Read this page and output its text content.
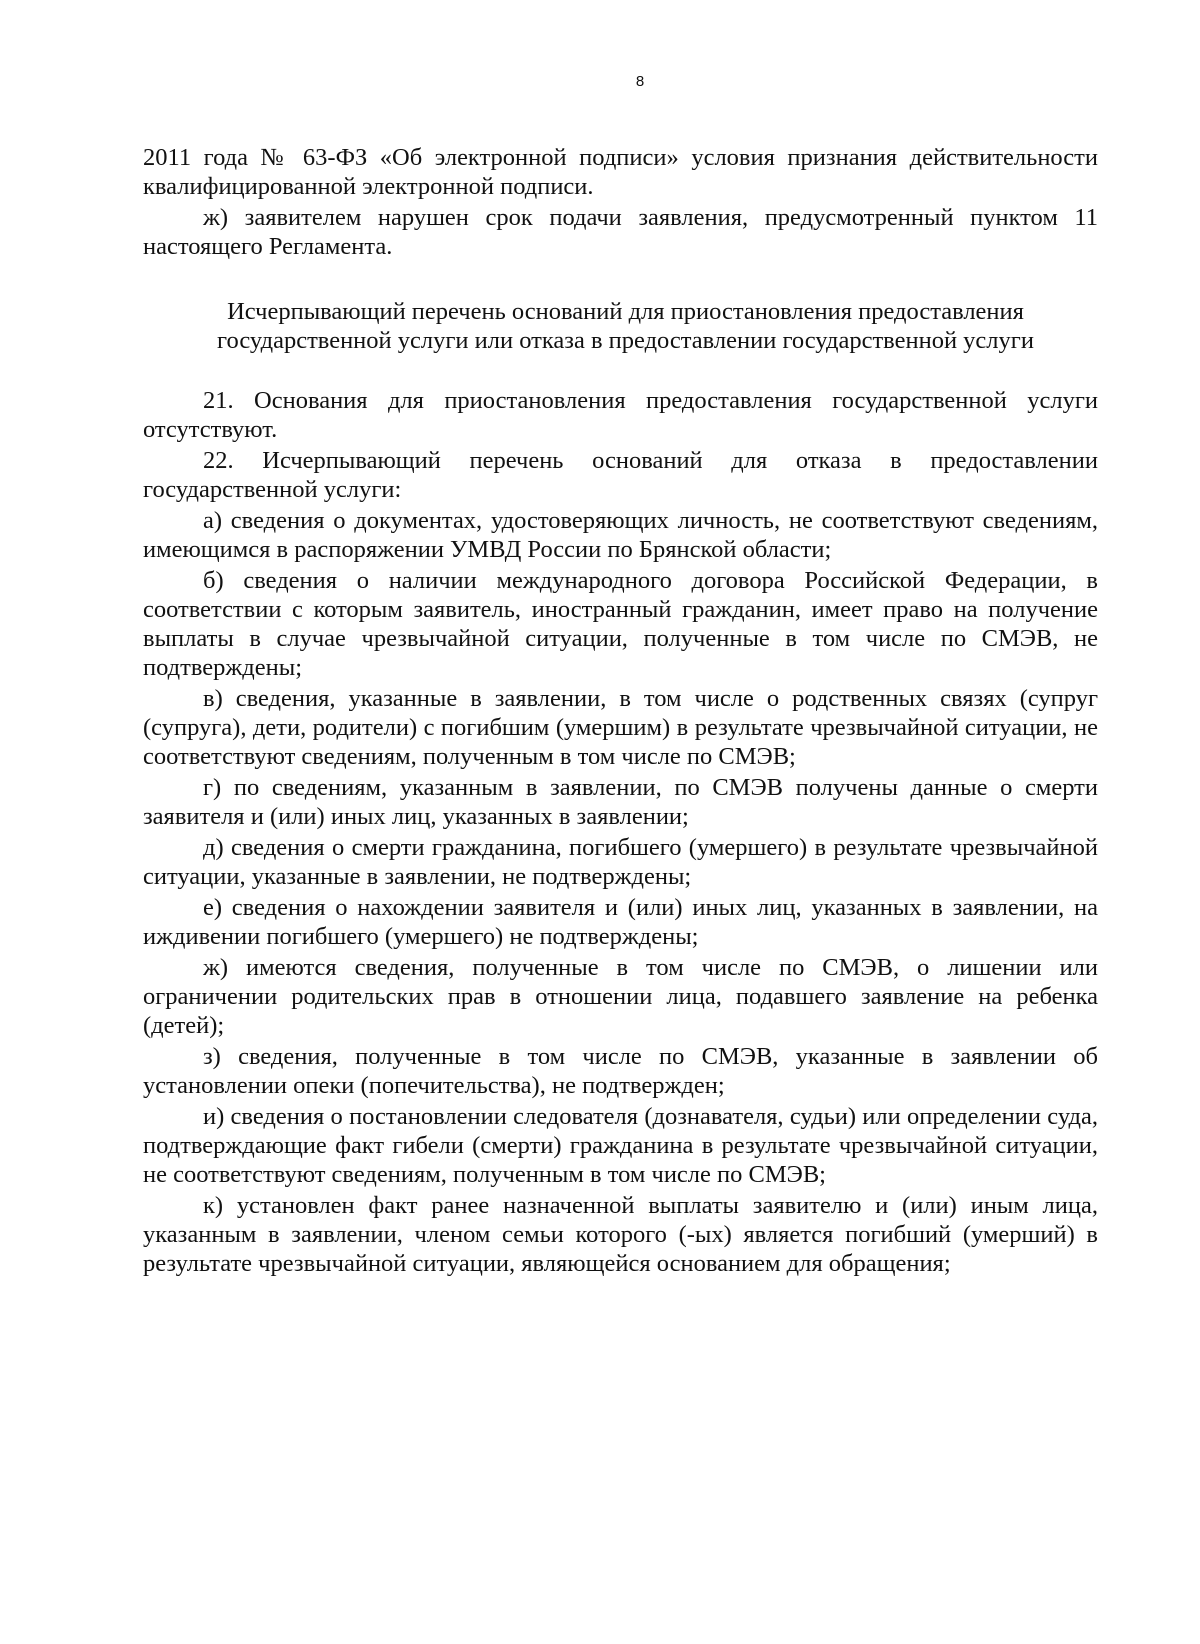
8

2011 года № 63-ФЗ «Об электронной подписи» условия признания действительности квалифицированной электронной подписи.

ж) заявителем нарушен срок подачи заявления, предусмотренный пунктом 11 настоящего Регламента.

Исчерпывающий перечень оснований для приостановления предоставления

государственной услуги или отказа в предоставлении государственной услуги

21. Основания для приостановления предоставления государственной услуги отсутствуют.

22. Исчерпывающий перечень оснований для отказа в предоставлении государственной услуги:

а) сведения о документах, удостоверяющих личность, не соответствуют сведениям, имеющимся в распоряжении УМВД России по Брянской области;

б) сведения о наличии международного договора Российской Федерации, в соответствии с которым заявитель, иностранный гражданин, имеет право на получение выплаты в случае чрезвычайной ситуации, полученные в том числе по СМЭВ, не подтверждены;

в) сведения, указанные в заявлении, в том числе о родственных связях (супруг (супруга), дети, родители) с погибшим (умершим) в результате чрезвычайной ситуации, не соответствуют сведениям, полученным в том числе по СМЭВ;

г) по сведениям, указанным в заявлении, по СМЭВ получены данные о смерти заявителя и (или) иных лиц, указанных в заявлении;

д) сведения о смерти гражданина, погибшего (умершего) в результате чрезвычайной ситуации, указанные в заявлении, не подтверждены;

е) сведения о нахождении заявителя и (или) иных лиц, указанных в заявлении, на иждивении погибшего (умершего) не подтверждены;

ж) имеются сведения, полученные в том числе по СМЭВ, о лишении или ограничении родительских прав в отношении лица, подавшего заявление на ребенка (детей);

з) сведения, полученные в том числе по СМЭВ, указанные в заявлении об установлении опеки (попечительства), не подтвержден;

и) сведения о постановлении следователя (дознавателя, судьи) или определении суда, подтверждающие факт гибели (смерти) гражданина в результате чрезвычайной ситуации, не соответствуют сведениям, полученным в том числе по СМЭВ;

к) установлен факт ранее назначенной выплаты заявителю и (или) иным лица, указанным в заявлении, членом семьи которого (-ых) является погибший (умерший) в результате чрезвычайной ситуации, являющейся основанием для обращения;
